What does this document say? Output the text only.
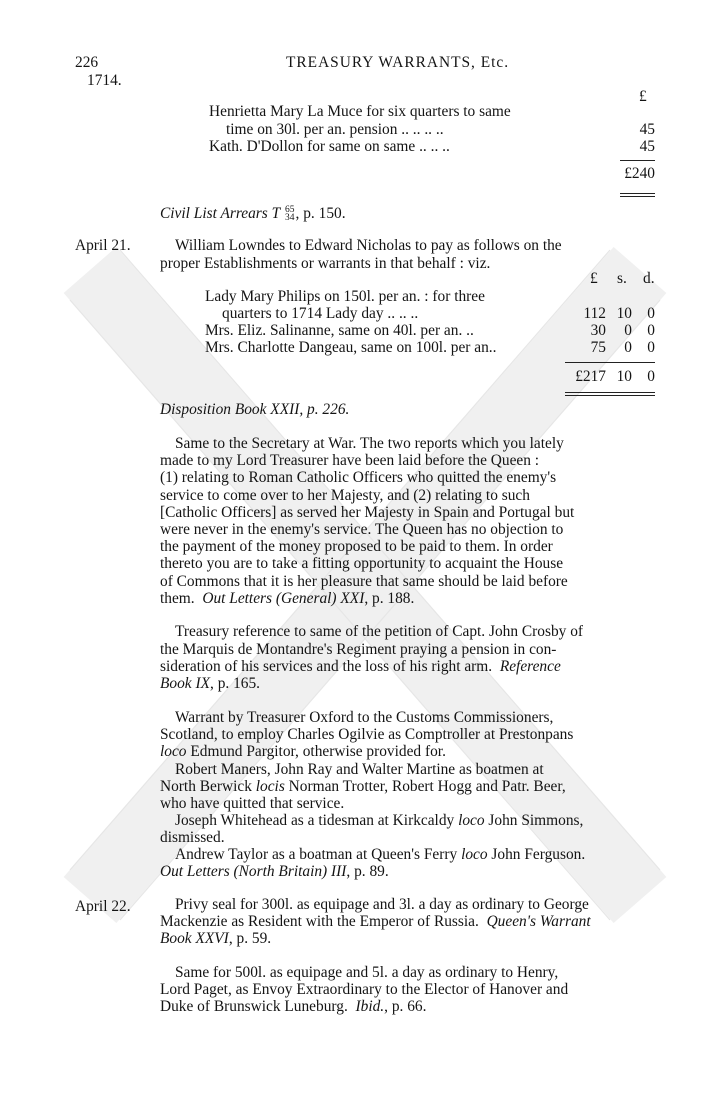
226	TREASURY WARRANTS, Etc.
1714.
£
Henrietta Mary La Muce for six quarters to same
time on 30l. per an. pension .. .. .. ..	45
Kath. D'Dollon for same on same .. .. ..	45
£240
Civil List Arrears T 65
34 , p. 150.
April 21.	William Lowndes to Edward Nicholas to pay as follows on the
proper Establishments or warrants in that behalf : viz.
£ s. d.
Lady Mary Philips on 150l. per an. : for three
quarters to 1714 Lady day .. .. ..	112 10 0
Mrs. Eliz. Salinanne, same on 40l. per an. ..	30	0 0
Mrs. Charlotte Dangeau, same on 100l. per an..	75	0 0
£217 10 0
Disposition Book XXII, p. 226.
Same to the Secretary at War. The two reports which you lately
made to my Lord Treasurer have been laid before the Queen :
(1) relating to Roman Catholic Officers who quitted the enemy's
service to come over to her Majesty, and (2) relating to such
[Catholic Officers] as served her Majesty in Spain and Portugal but
were never in the enemy's service. The Queen has no objection to
the payment of the money proposed to be paid to them. In order
thereto you are to take a fitting opportunity to acquaint the House
of Commons that it is her pleasure that same should be laid before
them. Out Letters (General) XXI, p. 188.
Treasury reference to same of the petition of Capt. John Crosby of
the Marquis de Montandre's Regiment praying a pension in con-
sideration of his services and the loss of his right arm. Reference
Book IX, p. 165.
Warrant by Treasurer Oxford to the Customs Commissioners,
Scotland, to employ Charles Ogilvie as Comptroller at Prestonpans
loco Edmund Pargitor, otherwise provided for.
Robert Maners, John Ray and Walter Martine as boatmen at
North Berwick locis Norman Trotter, Robert Hogg and Patr. Beer,
who have quitted that service.
Joseph Whitehead as a tidesman at Kirkcaldy loco John Simmons,
dismissed.
Andrew Taylor as a boatman at Queen's Ferry loco John Ferguson.
Out Letters (North Britain) III, p. 89.
April 22.	Privy seal for 300l. as equipage and 3l. a day as ordinary to George
Mackenzie as Resident with the Emperor of Russia. Queen's Warrant
Book XXVI, p. 59.
Same for 500l. as equipage and 5l. a day as ordinary to Henry,
Lord Paget, as Envoy Extraordinary to the Elector of Hanover and
Duke of Brunswick Luneburg. Ibid., p. 66.
